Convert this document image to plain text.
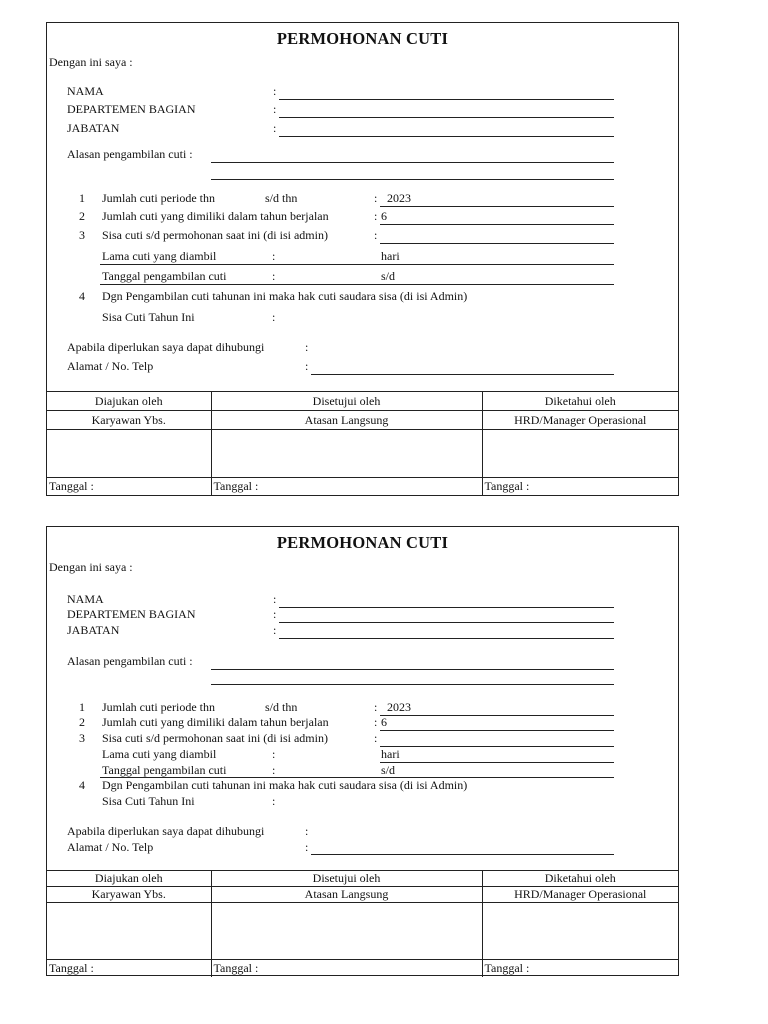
PERMOHONAN CUTI
Dengan ini saya :
NAMA	:
DEPARTEMEN BAGIAN	:
JABATAN	:
Alasan pengambilan cuti :
1 Jumlah cuti periode thn	s/d thn	: 2023
2 Jumlah cuti yang dimiliki dalam tahun berjalan	: 6
3 Sisa cuti s/d permohonan saat ini (di isi admin)	:
Lama cuti yang diambil	:	hari
Tanggal pengambilan cuti	:	s/d
4 Dgn Pengambilan cuti tahunan ini maka hak cuti saudara sisa (di isi Admin)
Sisa Cuti Tahun Ini	:
Apabila diperlukan saya dapat dihubungi	:
Alamat / No. Telp	:
Diajukan oleh	Disetujui oleh	Diketahui oleh
Karyawan Ybs.	Atasan Langsung	HRD/Manager Operasional

Tanggal :	Tanggal :	Tanggal :
PERMOHONAN CUTI
Dengan ini saya :
NAMA	:
DEPARTEMEN BAGIAN	:
JABATAN	:
Alasan pengambilan cuti :
1 Jumlah cuti periode thn	s/d thn	: 2023
2 Jumlah cuti yang dimiliki dalam tahun berjalan	: 6
3 Sisa cuti s/d permohonan saat ini (di isi admin)	:
Lama cuti yang diambil	:	hari
Tanggal pengambilan cuti	:	s/d
4 Dgn Pengambilan cuti tahunan ini maka hak cuti saudara sisa (di isi Admin)
Sisa Cuti Tahun Ini	:
Apabila diperlukan saya dapat dihubungi	:
Alamat / No. Telp	:
Diajukan oleh	Disetujui oleh	Diketahui oleh
Karyawan Ybs.	Atasan Langsung	HRD/Manager Operasional

Tanggal :	Tanggal :	Tanggal :
